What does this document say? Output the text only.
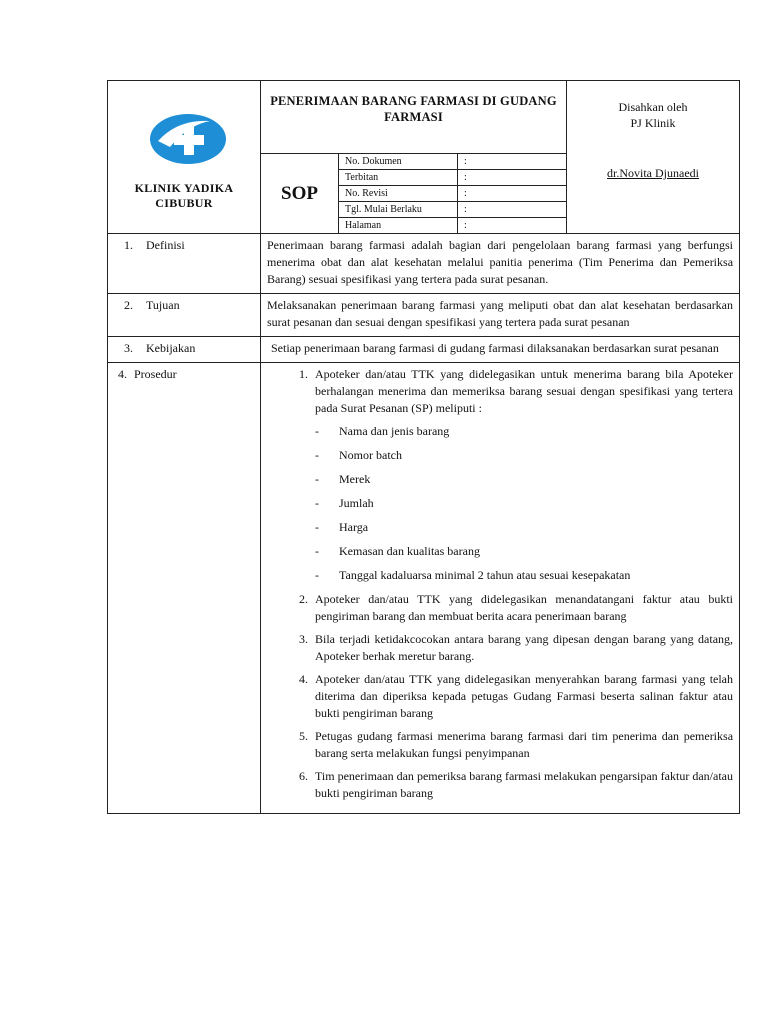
KLINIK YADIKA CIBUBUR
	PENERIMAAN BARANG FARMASI DI GUDANG FARMASI	
Disahkan oleh
PJ Klinik
dr.Novita Djunaedi

SOP	
No. Dokumen	:
Terbitan	:
No. Revisi	:
Tgl. Mulai Berlaku	:
Halaman	:

1. Definisi	Penerimaan barang farmasi adalah bagian dari pengelolaan barang farmasi yang berfungsi menerima obat dan alat kesehatan melalui panitia penerima (Tim Penerima dan Pemeriksa Barang) sesuai spesifikasi yang tertera pada surat pesanan.
2. Tujuan	Melaksanakan penerimaan barang farmasi yang meliputi obat dan alat kesehatan berdasarkan surat pesanan dan sesuai dengan spesifikasi yang tertera pada surat pesanan
3. Kebijakan	Setiap penerimaan barang farmasi di gudang farmasi dilaksanakan berdasarkan surat pesanan
4. Prosedur	
1.Apoteker dan/atau TTK yang didelegasikan untuk menerima barang bila Apoteker berhalangan menerima dan memeriksa barang sesuai dengan spesifikasi yang tertera pada Surat Pesanan (SP) meliputi :
- Nama dan jenis barang
- Nomor batch
- Merek
- Jumlah
- Harga
- Kemasan dan kualitas barang
- Tanggal kadaluarsa minimal 2 tahun atau sesuai kesepakatan
2. Apoteker dan/atau TTK yang didelegasikan menandatangani faktur atau bukti pengiriman barang dan membuat berita acara penerimaan barang
3. Bila terjadi ketidakcocokan antara barang yang dipesan dengan barang yang datang, Apoteker berhak meretur barang.
4. Apoteker dan/atau TTK yang didelegasikan menyerahkan barang farmasi yang telah diterima dan diperiksa kepada petugas Gudang Farmasi beserta salinan faktur atau bukti pengiriman barang
5. Petugas gudang farmasi menerima barang farmasi dari tim penerima dan pemeriksa barang serta melakukan fungsi penyimpanan
6. Tim penerimaan dan pemeriksa barang farmasi melakukan pengarsipan faktur dan/atau bukti pengiriman barang
